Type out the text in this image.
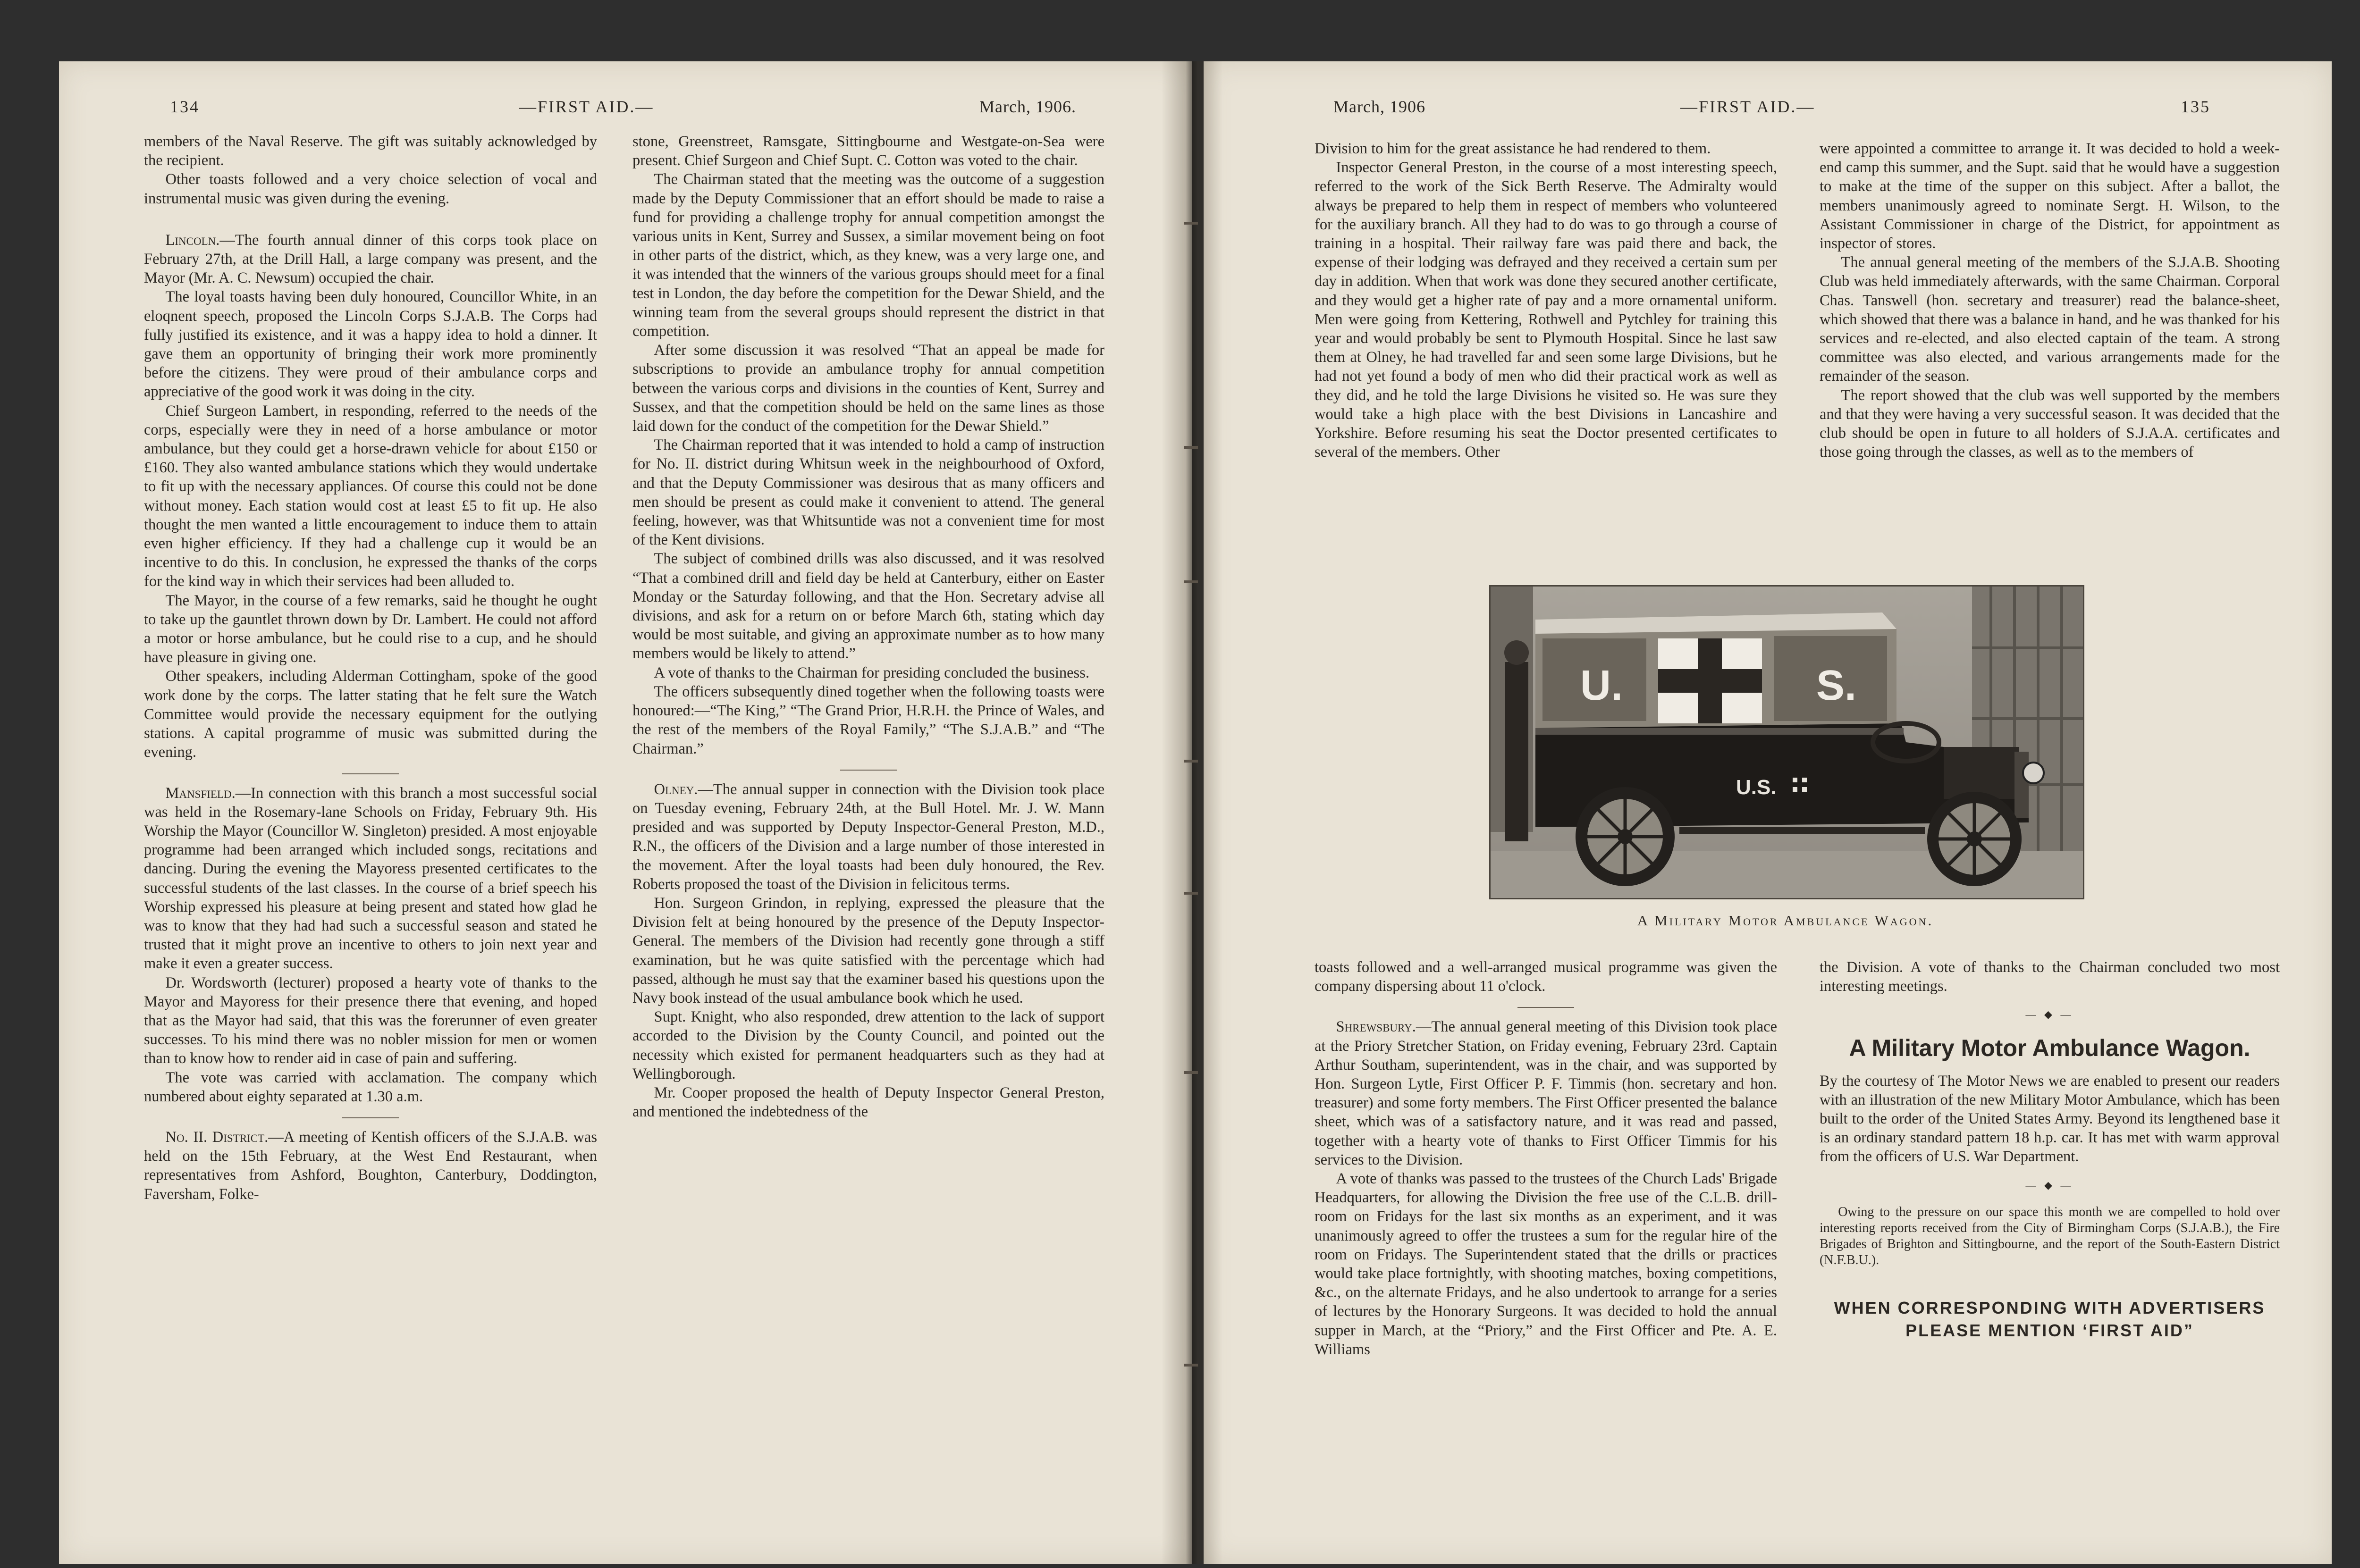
134	—FIRST AID.—	March, 1906.	March, 1906	—FIRST AID.—	135

members of the Naval Reserve. The gift was suitably acknowledged by the recipient.

Other toasts followed and a very choice selection of vocal and instrumental music was given during the evening.

Lincoln.—The fourth annual dinner of this corps took place on February 27th, at the Drill Hall, a large company was present, and the Mayor (Mr. A. C. Newsum) occupied the chair.

The loyal toasts having been duly honoured, Councillor White, in an eloqnent speech, proposed the Lincoln Corps S.J.A.B. The Corps had fully justified its existence, and it was a happy idea to hold a dinner. It gave them an opportunity of bringing their work more prominently before the citizens. They were proud of their ambulance corps and appreciative of the good work it was doing in the city.

Chief Surgeon Lambert, in responding, referred to the needs of the corps, especially were they in need of a horse ambulance or motor ambulance, but they could get a horse-drawn vehicle for about £150 or £160. They also wanted ambulance stations which they would undertake to fit up with the necessary appliances. Of course this could not be done without money. Each station would cost at least £5 to fit up. He also thought the men wanted a little encouragement to induce them to attain even higher efficiency. If they had a challenge cup it would be an incentive to do this. In conclusion, he expressed the thanks of the corps for the kind way in which their services had been alluded to.

The Mayor, in the course of a few remarks, said he thought he ought to take up the gauntlet thrown down by Dr. Lambert. He could not afford a motor or horse ambulance, but he could rise to a cup, and he should have pleasure in giving one.

Other speakers, including Alderman Cottingham, spoke of the good work done by the corps. The latter stating that he felt sure the Watch Committee would provide the necessary equipment for the outlying stations. A capital programme of music was submitted during the evening.

Mansfield.—In connection with this branch a most successful social was held in the Rosemary-lane Schools on Friday, February 9th. His Worship the Mayor (Councillor W. Singleton) presided. A most enjoyable programme had been arranged which included songs, recitations and dancing. During the evening the Mayoress presented certificates to the successful students of the last classes. In the course of a brief speech his Worship expressed his pleasure at being present and stated how glad he was to know that they had had such a successful season and stated he trusted that it might prove an incentive to others to join next year and make it even a greater success.

Dr. Wordsworth (lecturer) proposed a hearty vote of thanks to the Mayor and Mayoress for their presence there that evening, and hoped that as the Mayor had said, that this was the forerunner of even greater successes. To his mind there was no nobler mission for men or women than to know how to render aid in case of pain and suffering.

The vote was carried with acclamation. The company which numbered about eighty separated at 1.30 a.m.

No. II. District.—A meeting of Kentish officers of the S.J.A.B. was held on the 15th February, at the West End Restaurant, when representatives from Ashford, Boughton, Canterbury, Doddington, Faversham, Folke-

stone, Greenstreet, Ramsgate, Sittingbourne and Westgate-on-Sea were present. Chief Surgeon and Chief Supt. C. Cotton was voted to the chair.

The Chairman stated that the meeting was the outcome of a suggestion made by the Deputy Commissioner that an effort should be made to raise a fund for providing a challenge trophy for annual competition amongst the various units in Kent, Surrey and Sussex, a similar movement being on foot in other parts of the district, which, as they knew, was a very large one, and it was intended that the winners of the various groups should meet for a final test in London, the day before the competition for the Dewar Shield, and the winning team from the several groups should represent the district in that competition.

After some discussion it was resolved “That an appeal be made for subscriptions to provide an ambulance trophy for annual competition between the various corps and divisions in the counties of Kent, Surrey and Sussex, and that the competition should be held on the same lines as those laid down for the conduct of the competition for the Dewar Shield.”

The Chairman reported that it was intended to hold a camp of instruction for No. II. district during Whitsun week in the neighbourhood of Oxford, and that the Deputy Commissioner was desirous that as many officers and men should be present as could make it convenient to attend. The general feeling, however, was that Whitsuntide was not a convenient time for most of the Kent divisions.

The subject of combined drills was also discussed, and it was resolved “That a combined drill and field day be held at Canterbury, either on Easter Monday or the Saturday following, and that the Hon. Secretary advise all divisions, and ask for a return on or before March 6th, stating which day would be most suitable, and giving an approximate number as to how many members would be likely to attend.”

A vote of thanks to the Chairman for presiding concluded the business.

The officers subsequently dined together when the following toasts were honoured:—“The King,” “The Grand Prior, H.R.H. the Prince of Wales, and the rest of the members of the Royal Family,” “The S.J.A.B.” and “The Chairman.”

Olney.—The annual supper in connection with the Division took place on Tuesday evening, February 24th, at the Bull Hotel. Mr. J. W. Mann presided and was supported by Deputy Inspector-General Preston, M.D., R.N., the officers of the Division and a large number of those interested in the movement. After the loyal toasts had been duly honoured, the Rev. Roberts proposed the toast of the Division in felicitous terms.

Hon. Surgeon Grindon, in replying, expressed the pleasure that the Division felt at being honoured by the presence of the Deputy Inspector-General. The members of the Division had recently gone through a stiff examination, but he was quite satisfied with the percentage which had passed, although he must say that the examiner based his questions upon the Navy book instead of the usual ambulance book which he used.

Supt. Knight, who also responded, drew attention to the lack of support accorded to the Division by the County Council, and pointed out the necessity which existed for permanent headquarters such as they had at Wellingborough.

Mr. Cooper proposed the health of Deputy Inspector General Preston, and mentioned the indebtedness of the

Division to him for the great assistance he had rendered to them.

Inspector General Preston, in the course of a most interesting speech, referred to the work of the Sick Berth Reserve. The Admiralty would always be prepared to help them in respect of members who volunteered for the auxiliary branch. All they had to do was to go through a course of training in a hospital. Their railway fare was paid there and back, the expense of their lodging was defrayed and they received a certain sum per day in addition. When that work was done they secured another certificate, and they would get a higher rate of pay and a more ornamental uniform. Men were going from Kettering, Rothwell and Pytchley for training this year and would probably be sent to Plymouth Hospital. Since he last saw them at Olney, he had travelled far and seen some large Divisions, but he had not yet found a body of men who did their practical work as well as they did, and he told the large Divisions he visited so. He was sure they would take a high place with the best Divisions in Lancashire and Yorkshire. Before resuming his seat the Doctor presented certificates to several of the members. Other

were appointed a committee to arrange it. It was decided to hold a week-end camp this summer, and the Supt. said that he would have a suggestion to make at the time of the supper on this subject. After a ballot, the members unanimously agreed to nominate Sergt. H. Wilson, to the Assistant Commissioner in charge of the District, for appointment as inspector of stores.

The annual general meeting of the members of the S.J.A.B. Shooting Club was held immediately afterwards, with the same Chairman. Corporal Chas. Tanswell (hon. secretary and treasurer) read the balance-sheet, which showed that there was a balance in hand, and he was thanked for his services and re-elected, and also elected captain of the team. A strong committee was also elected, and various arrangements made for the remainder of the season.

The report showed that the club was well supported by the members and that they were having a very successful season. It was decided that the club should be open in future to all holders of S.J.A.A. certificates and those going through the classes, as well as to the members of

U.	S.
U.S.
A Military Motor Ambulance Wagon.

toasts followed and a well-arranged musical programme was given the company dispersing about 11 o'clock.

Shrewsbury.—The annual general meeting of this Division took place at the Priory Stretcher Station, on Friday evening, February 23rd. Captain Arthur Southam, superintendent, was in the chair, and was supported by Hon. Surgeon Lytle, First Officer P. F. Timmis (hon. secretary and hon. treasurer) and some forty members. The First Officer presented the balance sheet, which was of a satisfactory nature, and it was read and passed, together with a hearty vote of thanks to First Officer Timmis for his services to the Division.

A vote of thanks was passed to the trustees of the Church Lads' Brigade Headquarters, for allowing the Division the free use of the C.L.B. drill-room on Fridays for the last six months as an experiment, and it was unanimously agreed to offer the trustees a sum for the regular hire of the room on Fridays. The Superintendent stated that the drills or practices would take place fortnightly, with shooting matches, boxing competitions, &c., on the alternate Fridays, and he also undertook to arrange for a series of lectures by the Honorary Surgeons. It was decided to hold the annual supper in March, at the “Priory,” and the First Officer and Pte. A. E. Williams

the Division. A vote of thanks to the Chairman concluded two most interesting meetings.

— ◆ —
A Military Motor Ambulance Wagon.

By the courtesy of The Motor News we are enabled to present our readers with an illustration of the new Military Motor Ambulance, which has been built to the order of the United States Army. Beyond its lengthened base it is an ordinary standard pattern 18 h.p. car. It has met with warm approval from the officers of U.S. War Department.

— ◆ —

Owing to the pressure on our space this month we are compelled to hold over interesting reports received from the City of Birmingham Corps (S.J.A.B.), the Fire Brigades of Brighton and Sittingbourne, and the report of the South-Eastern District (N.F.B.U.).

WHEN CORRESPONDING WITH ADVERTISERS PLEASE MENTION ‘FIRST AID”
